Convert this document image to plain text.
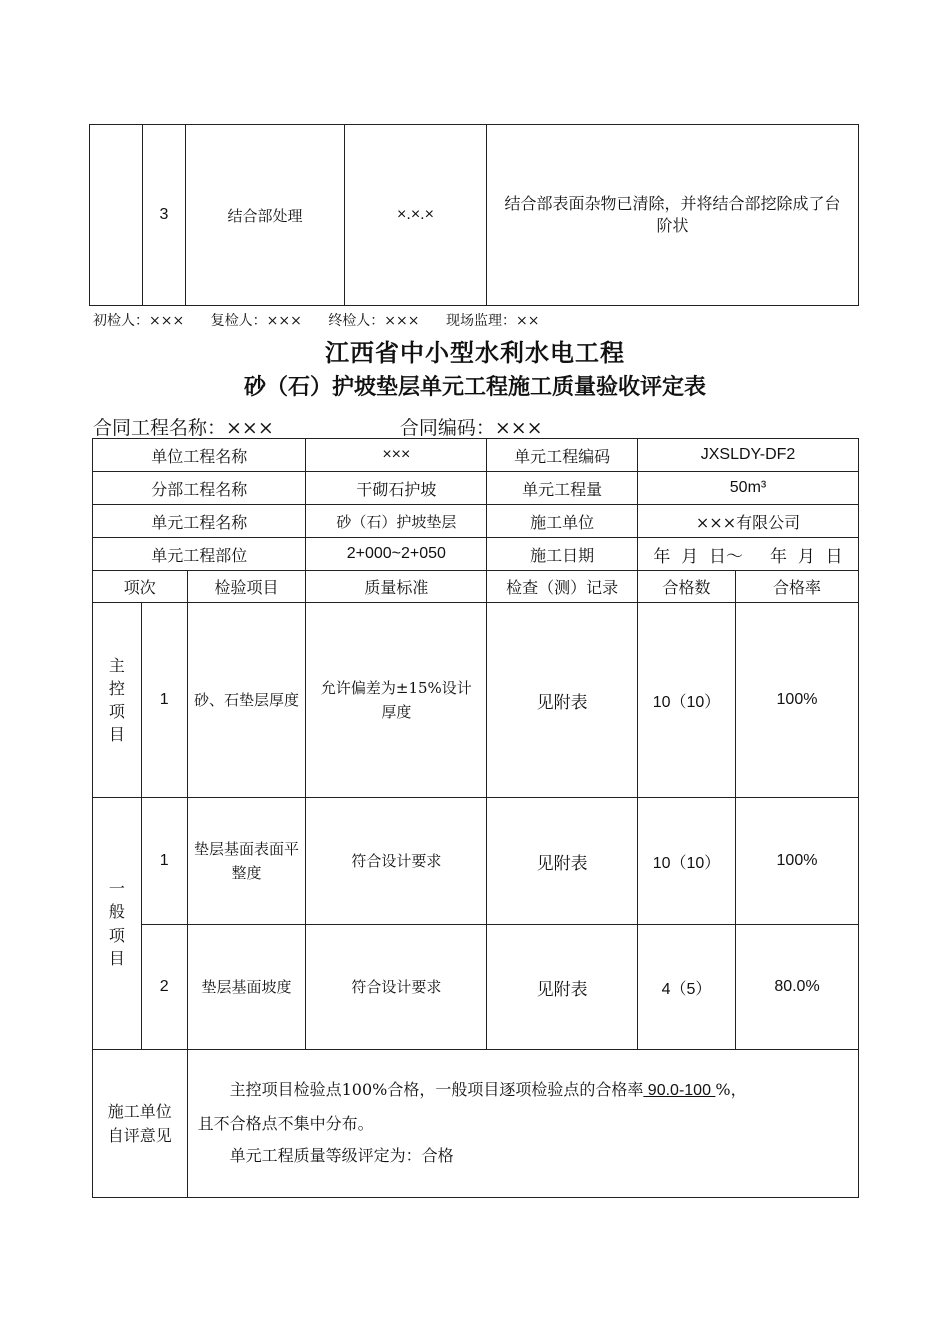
	3	结合部处理	×.×.×	结合部表面杂物已清除，并将结合部挖除成了台阶状
初检人：××× 复检人：××× 终检人：××× 现场监理：××
江西省中小型水利水电工程
砂（石）护坡垫层单元工程施工质量验收评定表
合同工程名称：×××	合同编码：×××
单位工程名称			×××	单元工程编码	JXSLDY-DF2	
分部工程名称			干砌石护坡	单元工程量	50m³	
单元工程名称			砂（石）护坡垫层	施工单位	×××有限公司	
单元工程部位			2+000~2+050	施工日期	年  月  日～     年  月  日	
项次		检验项目	质量标准	检查（测）记录	合格数	合格率

主控项目	1	砂、石垫层厚度	允许偏差为±15%设计厚度	见附表	10（10）	100%

一般项目	1	垫层基面表面平整度	符合设计要求	见附表	10（10）	100%
	2	垫层基面坡度	符合设计要求	见附表	4（5）	80.0%
施工单位自评意见		主控项目检验点100%合格，一般项目逐项检验点的合格率 90.0-100 %，
且不合格点不集中分布。
单元工程质量等级评定为：合格				
